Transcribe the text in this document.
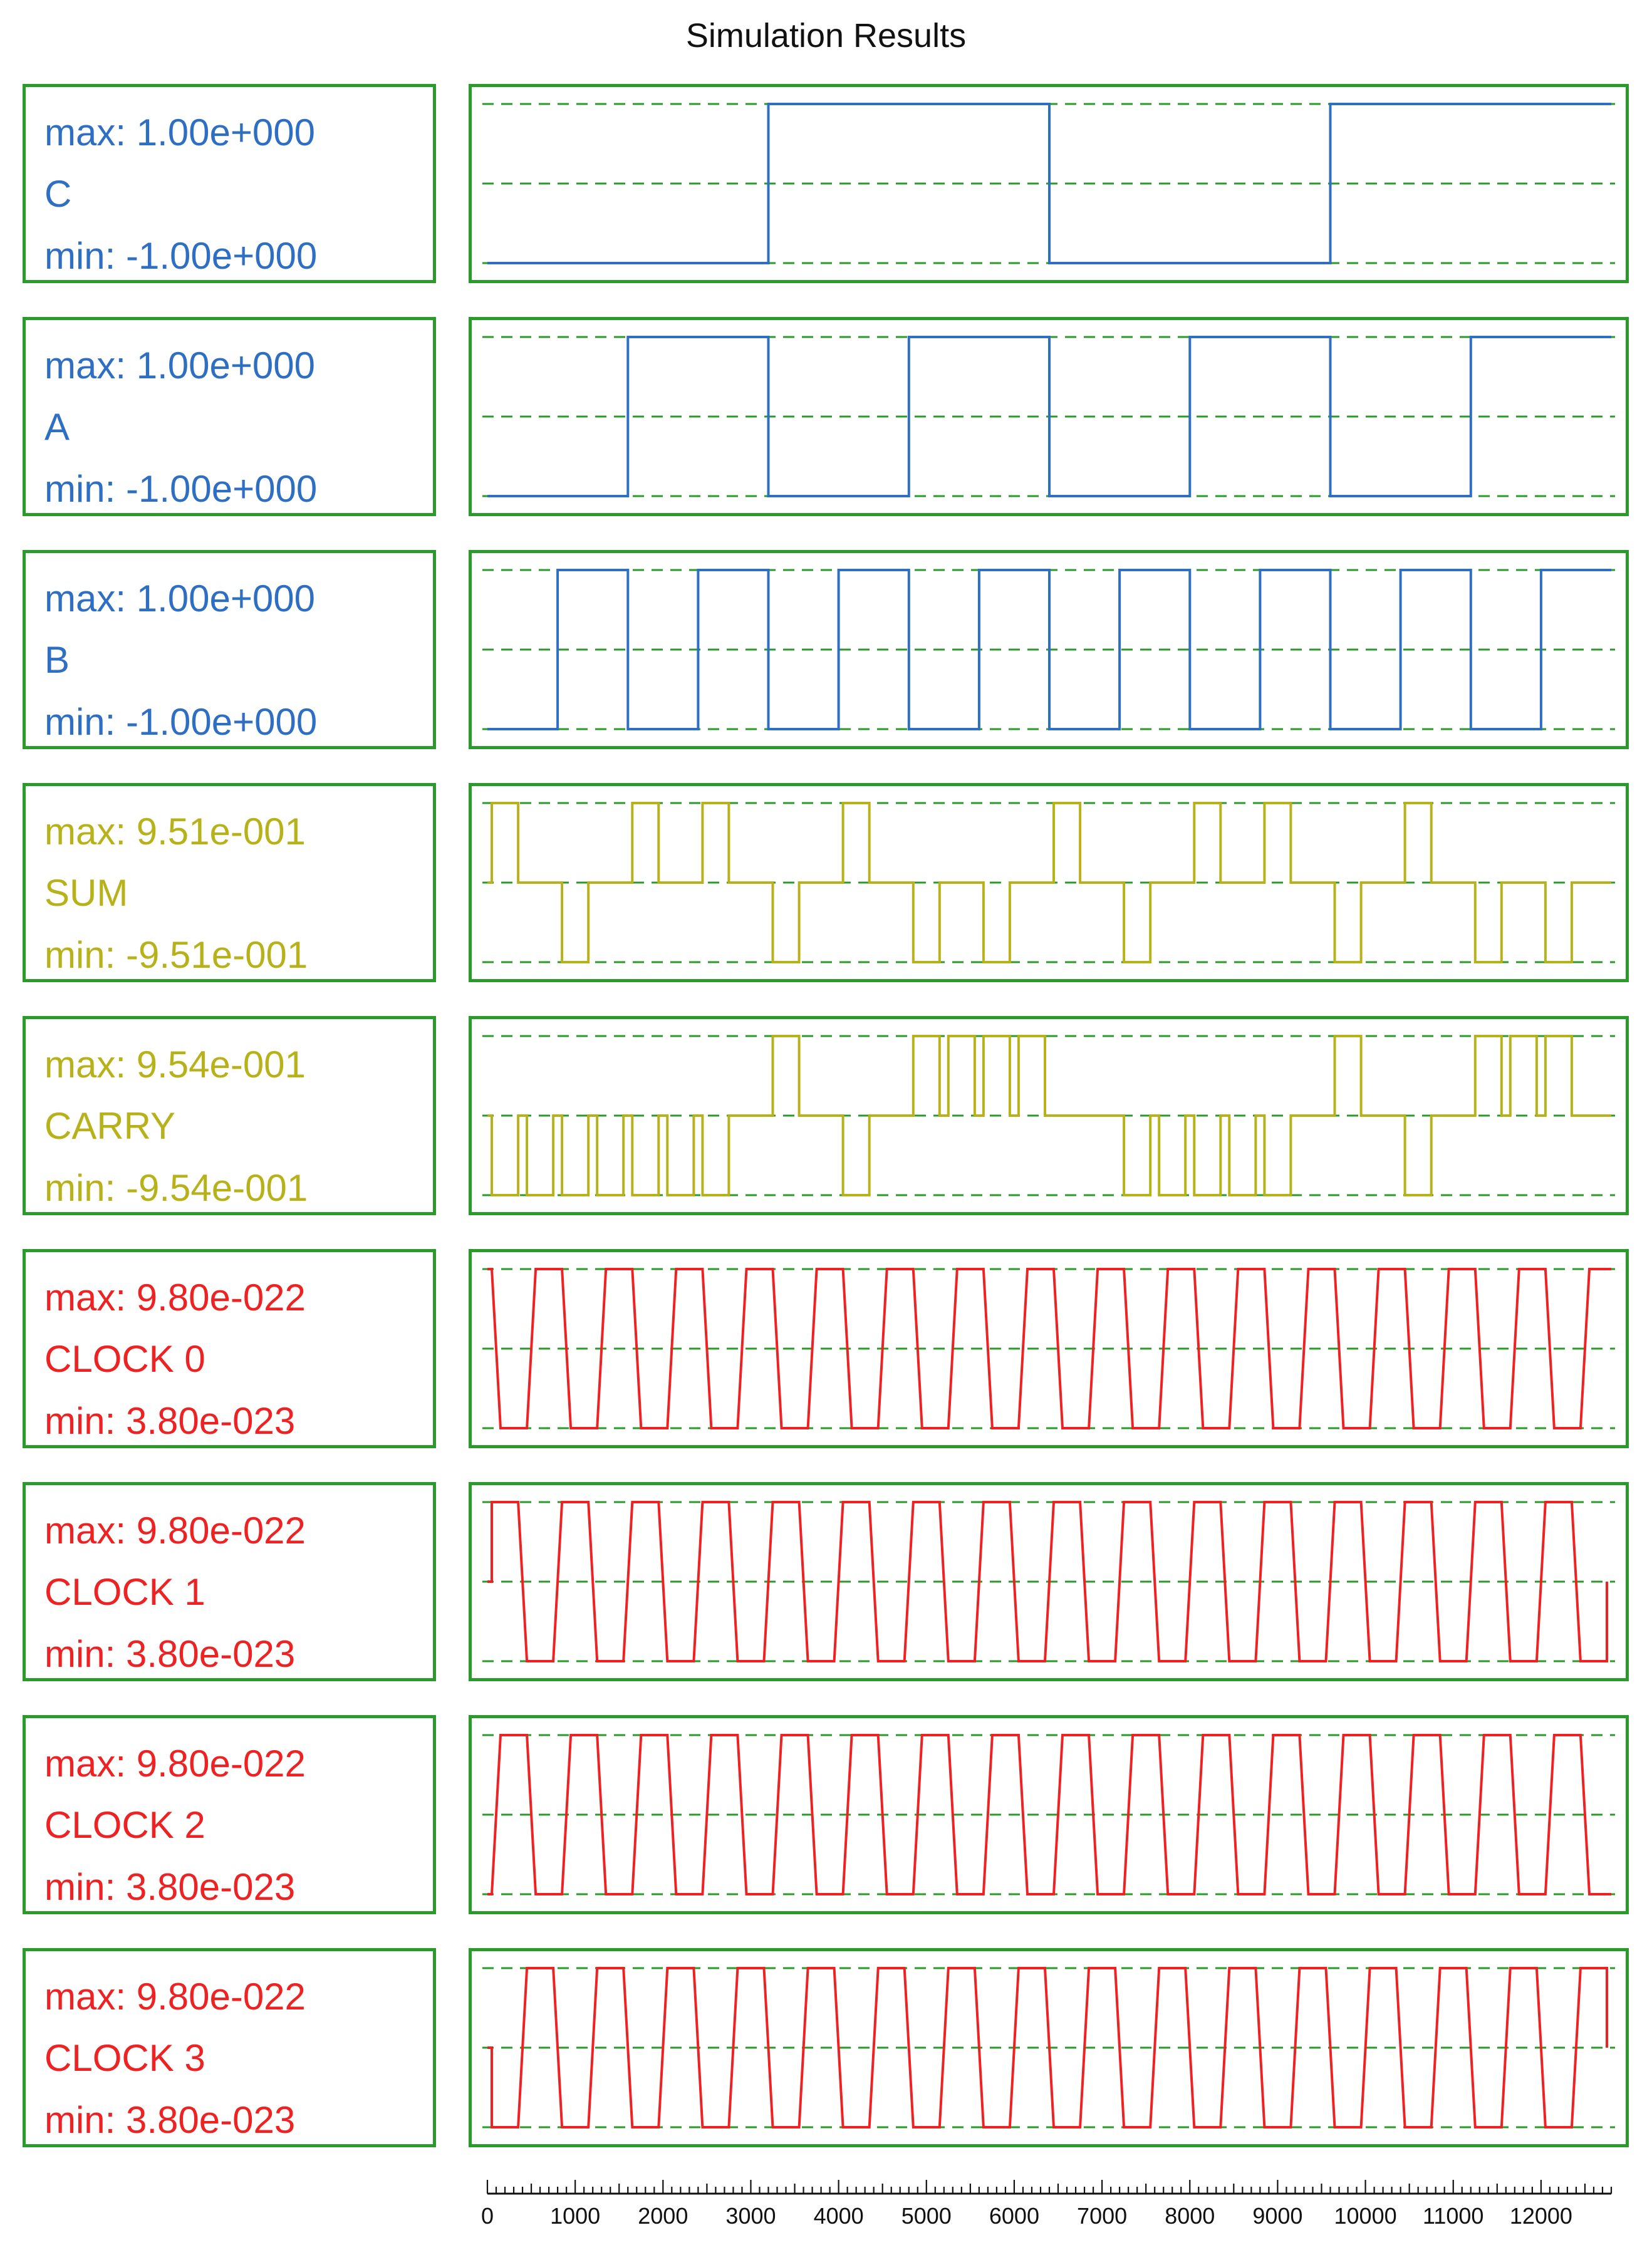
Simulation Results
max: 1.00e+000
C
min: -1.00e+000
max: 1.00e+000
A
min: -1.00e+000
max: 1.00e+000
B
min: -1.00e+000
max: 9.51e-001
SUM
min: -9.51e-001
max: 9.54e-001
CARRY
min: -9.54e-001
max: 9.80e-022
CLOCK 0
min: 3.80e-023
max: 9.80e-022
CLOCK 1
min: 3.80e-023
max: 9.80e-022
CLOCK 2
min: 3.80e-023
max: 9.80e-022
CLOCK 3
min: 3.80e-023
0	1000 2000 3000 4000 5000 6000 7000 8000 9000 10000 11000 12000
